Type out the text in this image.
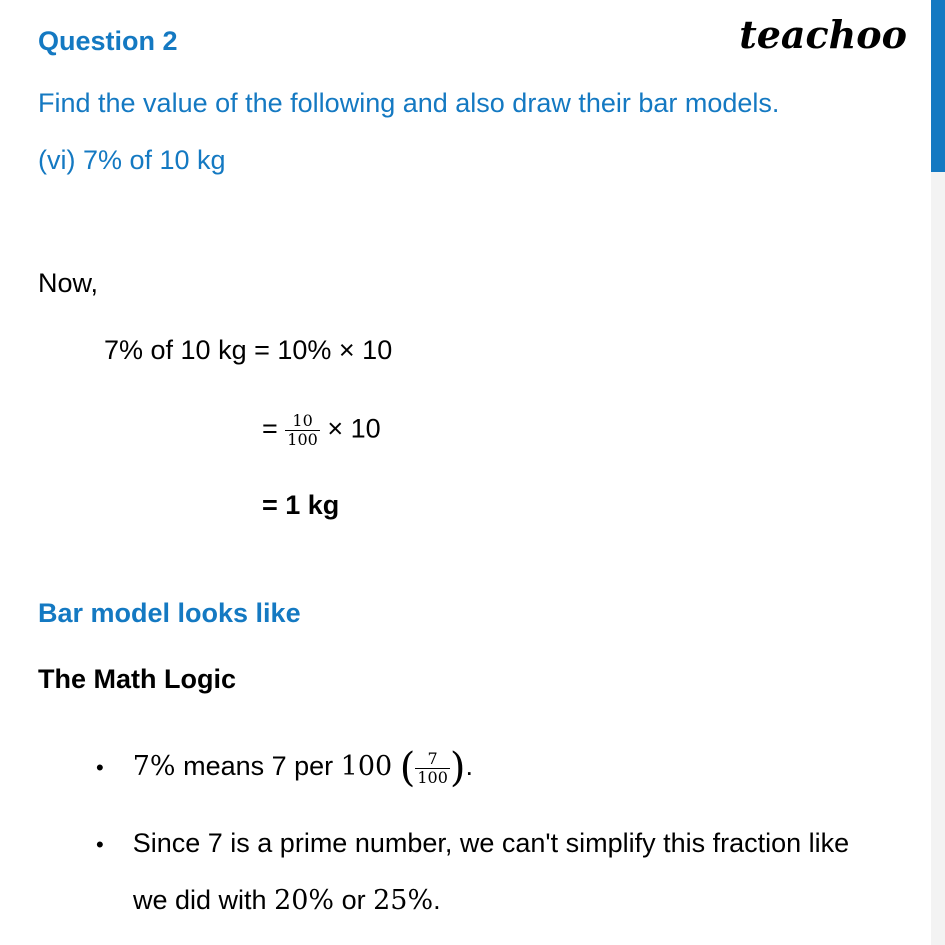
Question 2	teachoo
Find the value of the following and also draw their bar models.
(vi) 7% of 10 kg
Now,
7% of 10 kg = 10% × 10
= $\frac{10}{100} \times 10$
= 1 kg
Bar model looks like
The Math Logic
• 7% means 7 per 100 ( $\frac{7}{100}$ ).
• Since 7 is a prime number, we can't simplify this fraction like
we did with 20% or 25%.
